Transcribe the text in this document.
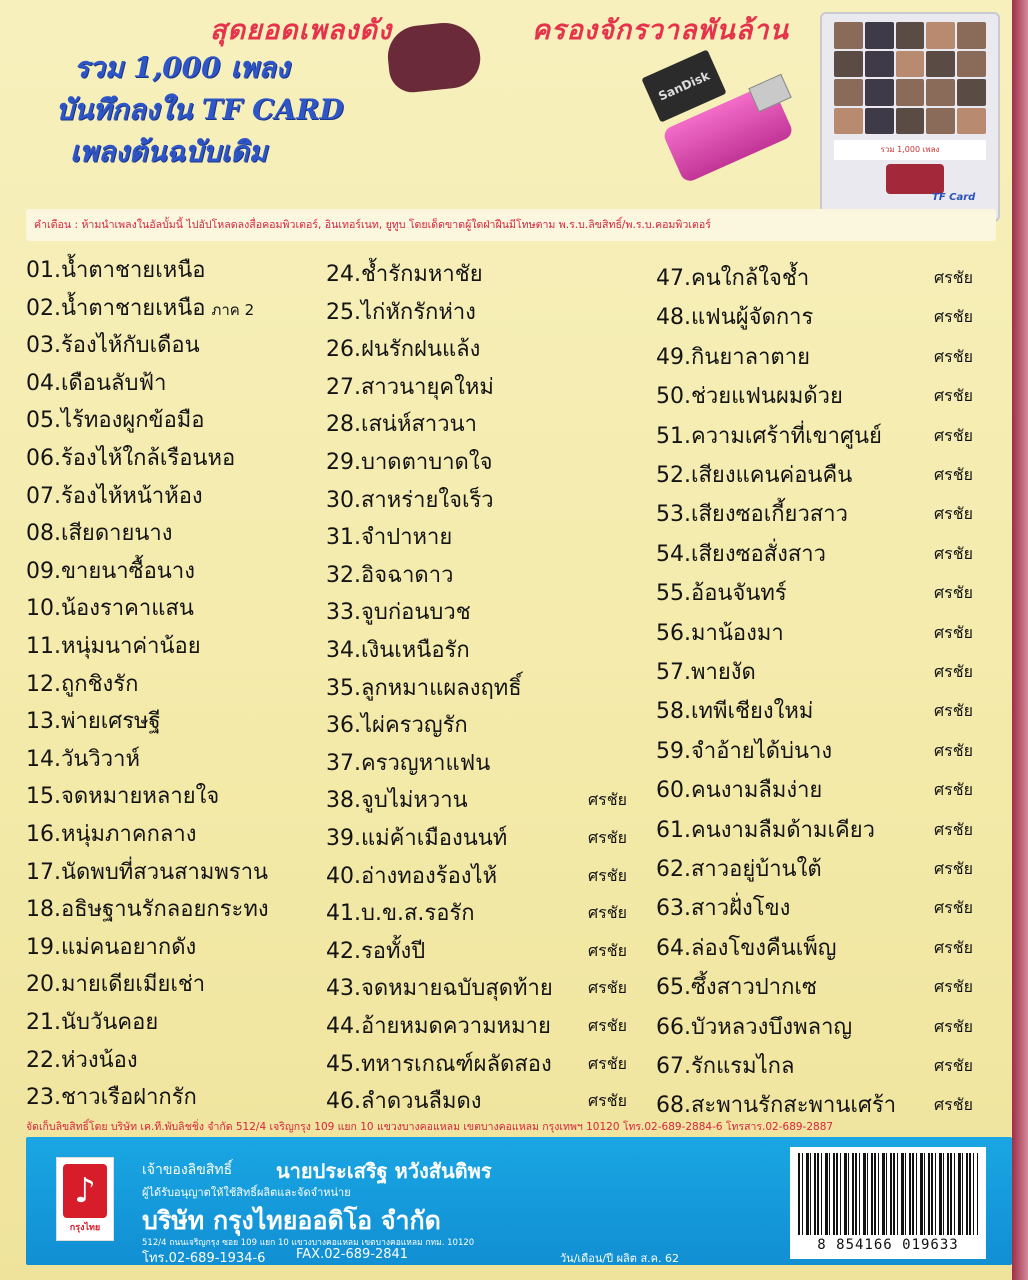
สุดยอดเพลงดัง	ครองจักรวาลพันล้าน
รวม 1,000 เพลง
บันทึกลงใน TF CARD
เพลงต้นฉบับเดิม
SanDisk
รวม 1,000 เพลง
TF Card
คำเตือน : ห้ามนำเพลงในอัลบั้มนี้ ไปอัปโหลดลงสื่อคอมพิวเตอร์, อินเทอร์เนท, ยูทูบ โดยเด็ดขาดผู้ใดฝ่าฝืนมีโทษตาม พ.ร.บ.ลิขสิทธิ์/พ.ร.บ.คอมพิวเตอร์
01.น้ำตาชายเหนือ
02.น้ำตาชายเหนือ ภาค 2
03.ร้องไห้กับเดือน
04.เดือนลับฟ้า
05.ไร้ทองผูกข้อมือ
06.ร้องไห้ใกล้เรือนหอ
07.ร้องไห้หน้าห้อง
08.เสียดายนาง
09.ขายนาซื้อนาง
10.น้องราคาแสน
11.หนุ่มนาค่าน้อย
12.ถูกชิงรัก
13.พ่ายเศรษฐี
14.วันวิวาห์
15.จดหมายหลายใจ
16.หนุ่มภาคกลาง
17.นัดพบที่สวนสามพราน
18.อธิษฐานรักลอยกระทง
19.แม่คนอยากดัง
20.มายเดียเมียเช่า
21.นับวันคอย
22.ห่วงน้อง
23.ชาวเรือฝากรัก
24.ช้ำรักมหาชัย
25.ไก่หักรักห่าง
26.ฝนรักฝนแล้ง
27.สาวนายุคใหม่
28.เสน่ห์สาวนา
29.บาดตาบาดใจ
30.สาหร่ายใจเร็ว
31.จำปาหาย
32.อิจฉาดาว
33.จูบก่อนบวช
34.เงินเหนือรัก
35.ลูกหมาแผลงฤทธิ์
36.ไผ่ครวญรัก
37.ครวญหาแฟน
38.จูบไม่หวาน	ศรชัย
39.แม่ค้าเมืองนนท์	ศรชัย
40.อ่างทองร้องไห้	ศรชัย
41.บ.ข.ส.รอรัก	ศรชัย
42.รอทั้งปี	ศรชัย
43.จดหมายฉบับสุดท้าย ศรชัย
44.อ้ายหมดความหมาย ศรชัย
45.ทหารเกณฑ์ผลัดสอง ศรชัย
46.ลำดวนลืมดง	ศรชัย
47.คนใกล้ใจช้ำ	ศรชัย
48.แฟนผู้จัดการ	ศรชัย
49.กินยาลาตาย	ศรชัย
50.ช่วยแฟนผมด้วย	ศรชัย
51.ความเศร้าที่เขาศูนย์	ศรชัย
52.เสียงแคนค่อนคืน	ศรชัย
53.เสียงซอเกี้ยวสาว	ศรชัย
54.เสียงซอสั่งสาว	ศรชัย
55.อ้อนจันทร์	ศรชัย
56.มาน้องมา	ศรชัย
57.พายงัด	ศรชัย
58.เทพีเชียงใหม่	ศรชัย
59.จำอ้ายได้บ่นาง	ศรชัย
60.คนงามลืมง่าย	ศรชัย
61.คนงามลืมด้ามเคียว	ศรชัย
62.สาวอยู่บ้านใต้	ศรชัย
63.สาวฝั่งโขง	ศรชัย
64.ล่องโขงคืนเพ็ญ	ศรชัย
65.ซึ้งสาวปากเซ	ศรชัย
66.บัวหลวงบึงพลาญ	ศรชัย
67.รักแรมไกล	ศรชัย
68.สะพานรักสะพานเศร้า ศรชัย
จัดเก็บลิขสิทธิ์โดย บริษัท เค.ที.พับลิชชิ่ง จำกัด 512/4 เจริญกรุง 109 แยก 10 แขวงบางคอแหลม เขตบางคอแหลม กรุงเทพฯ 10120 โทร.02-689-2884-6 โทรสาร.02-689-2887
♪
กรุงไทย
เจ้าของลิขสิทธิ์ นายประเสริฐ หวังสันติพร
ผู้ได้รับอนุญาตให้ใช้สิทธิ์ผลิตและจัดจำหน่าย
บริษัท กรุงไทยออดิโอ จำกัด
512/4 ถนนเจริญกรุง ซอย 109 แยก 10 แขวงบางคอแหลม เขตบางคอแหลม กทม. 10120
โทร.02-689-1934-6 FAX.02-689-2841	วัน/เดือน/ปี ผลิต ส.ค. 62
8 854166 019633
